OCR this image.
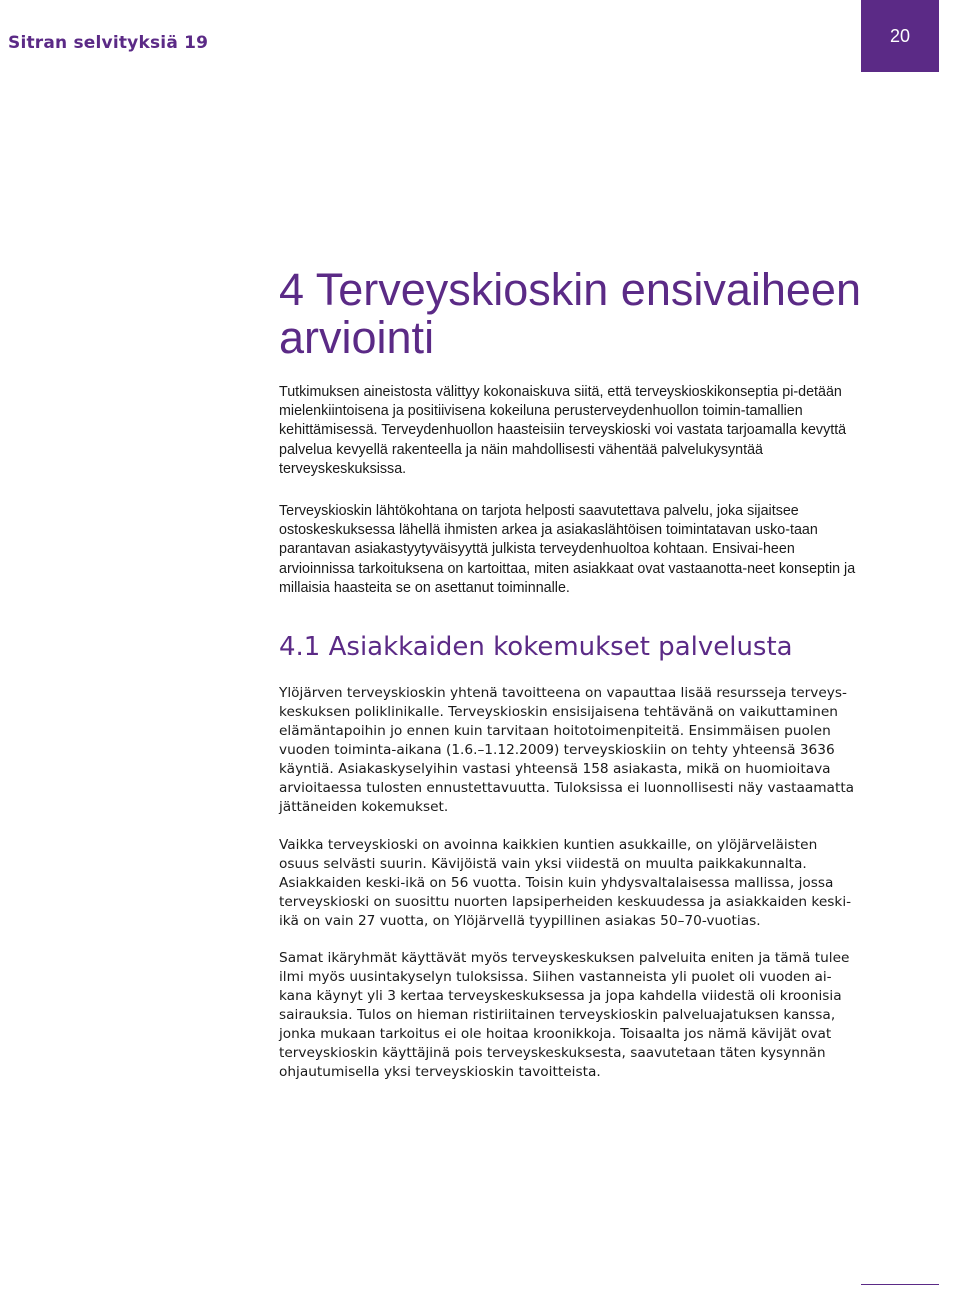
Sitran selvityksiä 19	20
4 Terveyskioskin ensivaiheen
arviointi

Tutkimuksen aineistosta välittyy kokonaiskuva siitä, että terveyskioskikonseptia pi-detään mielenkiintoisena ja positiivisena kokeiluna perusterveydenhuollon toimin-tamallien kehittämisessä. Terveydenhuollon haasteisiin terveyskioski voi vastata tarjoamalla kevyttä palvelua kevyellä rakenteella ja näin mahdollisesti vähentää palvelukysyntää terveyskeskuksissa.

Terveyskioskin lähtökohtana on tarjota helposti saavutettava palvelu, joka sijaitsee ostoskeskuksessa lähellä ihmisten arkea ja asiakaslähtöisen toimintatavan usko-taan parantavan asiakastyytyväisyyttä julkista terveydenhuoltoa kohtaan. Ensivai-heen arvioinnissa tarkoituksena on kartoittaa, miten asiakkaat ovat vastaanotta-neet konseptin ja millaisia haasteita se on asettanut toiminnalle.

4.1 Asiakkaiden kokemukset palvelusta

Ylöjärven terveyskioskin yhtenä tavoitteena on vapauttaa lisää resursseja terveys-keskuksen poliklinikalle. Terveyskioskin ensisijaisena tehtävänä on vaikuttaminen elämäntapoihin jo ennen kuin tarvitaan hoitotoimenpiteitä. Ensimmäisen puolen vuoden toiminta-aikana (1.6.–1.12.2009) terveyskioskiin on tehty yhteensä 3636 käyntiä. Asiakaskyselyihin vastasi yhteensä 158 asiakasta, mikä on huomioitava arvioitaessa tulosten ennustettavuutta. Tuloksissa ei luonnollisesti näy vastaamatta jättäneiden kokemukset.

Vaikka terveyskioski on avoinna kaikkien kuntien asukkaille, on ylöjärveläisten osuus selvästi suurin. Kävijöistä vain yksi viidestä on muulta paikkakunnalta. Asiakkaiden keski-ikä on 56 vuotta. Toisin kuin yhdysvaltalaisessa mallissa, jossa terveyskioski on suosittu nuorten lapsiperheiden keskuudessa ja asiakkaiden keski-ikä on vain 27 vuotta, on Ylöjärvellä tyypillinen asiakas 50–70-vuotias.

Samat ikäryhmät käyttävät myös terveyskeskuksen palveluita eniten ja tämä tulee ilmi myös uusintakyselyn tuloksissa. Siihen vastanneista yli puolet oli vuoden ai-kana käynyt yli 3 kertaa terveyskeskuksessa ja jopa kahdella viidestä oli kroonisia sairauksia. Tulos on hieman ristiriitainen terveyskioskin palveluajatuksen kanssa, jonka mukaan tarkoitus ei ole hoitaa kroonikkoja. Toisaalta jos nämä kävijät ovat terveyskioskin käyttäjinä pois terveyskeskuksesta, saavutetaan täten kysynnän ohjautumisella yksi terveyskioskin tavoitteista.
